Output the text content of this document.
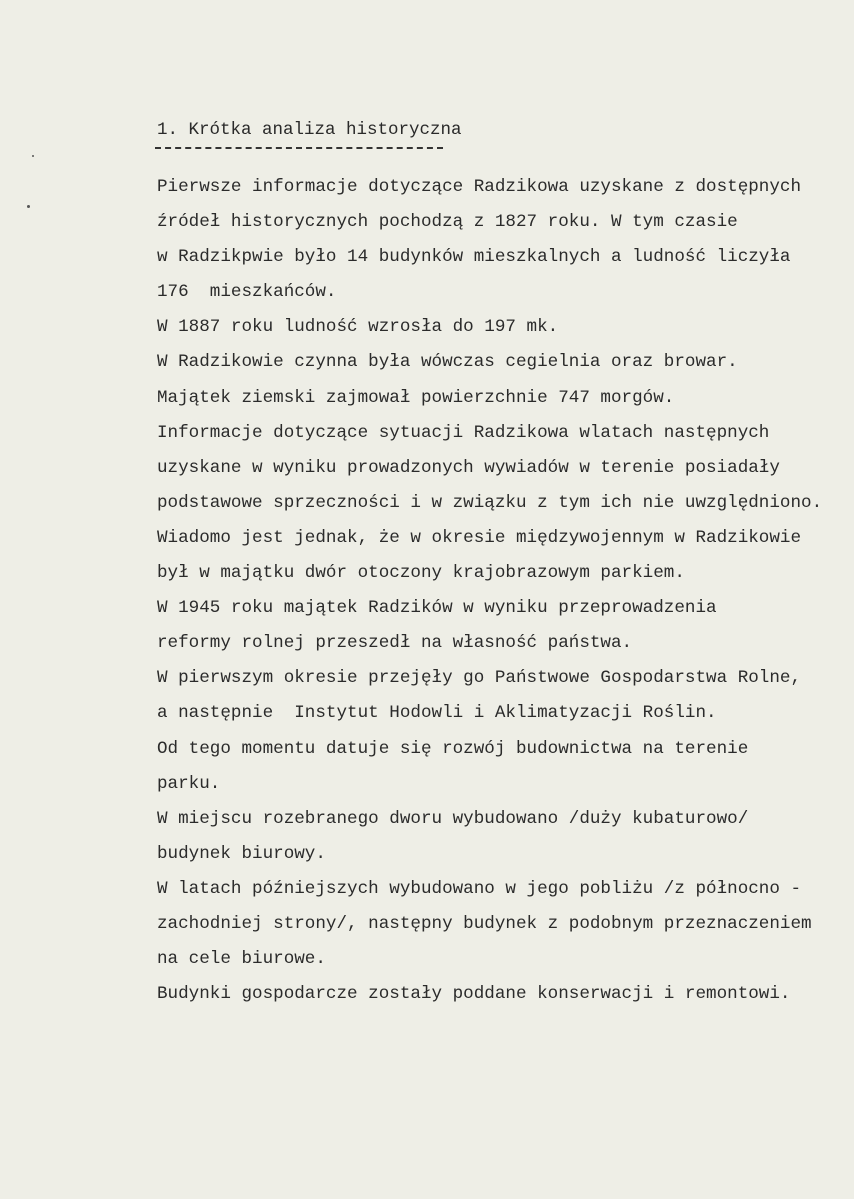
1. Krótka analiza historyczna
Pierwsze informacje dotyczące Radzikowa uzyskane z dostępnych
źródeł historycznych pochodzą z 1827 roku. W tym czasie
w Radzikpwie było 14 budynków mieszkalnych a ludność liczyła
176  mieszkańców.
W 1887 roku ludność wzrosła do 197 mk.
W Radzikowie czynna była wówczas cegielnia oraz browar.
Majątek ziemski zajmował powierzchnie 747 morgów.
Informacje dotyczące sytuacji Radzikowa wlatach następnych
uzyskane w wyniku prowadzonych wywiadów w terenie posiadały
podstawowe sprzeczności i w związku z tym ich nie uwzględniono.
Wiadomo jest jednak, że w okresie międzywojennym w Radzikowie
był w majątku dwór otoczony krajobrazowym parkiem.
W 1945 roku majątek Radzików w wyniku przeprowadzenia
reformy rolnej przeszedł na własność państwa.
W pierwszym okresie przejęły go Państwowe Gospodarstwa Rolne,
a następnie  Instytut Hodowli i Aklimatyzacji Roślin.
Od tego momentu datuje się rozwój budownictwa na terenie
parku.
W miejscu rozebranego dworu wybudowano /duży kubaturowo/
budynek biurowy.
W latach późniejszych wybudowano w jego pobliżu /z północno -
zachodniej strony/, następny budynek z podobnym przeznaczeniem
na cele biurowe.
Budynki gospodarcze zostały poddane konserwacji i remontowi.
